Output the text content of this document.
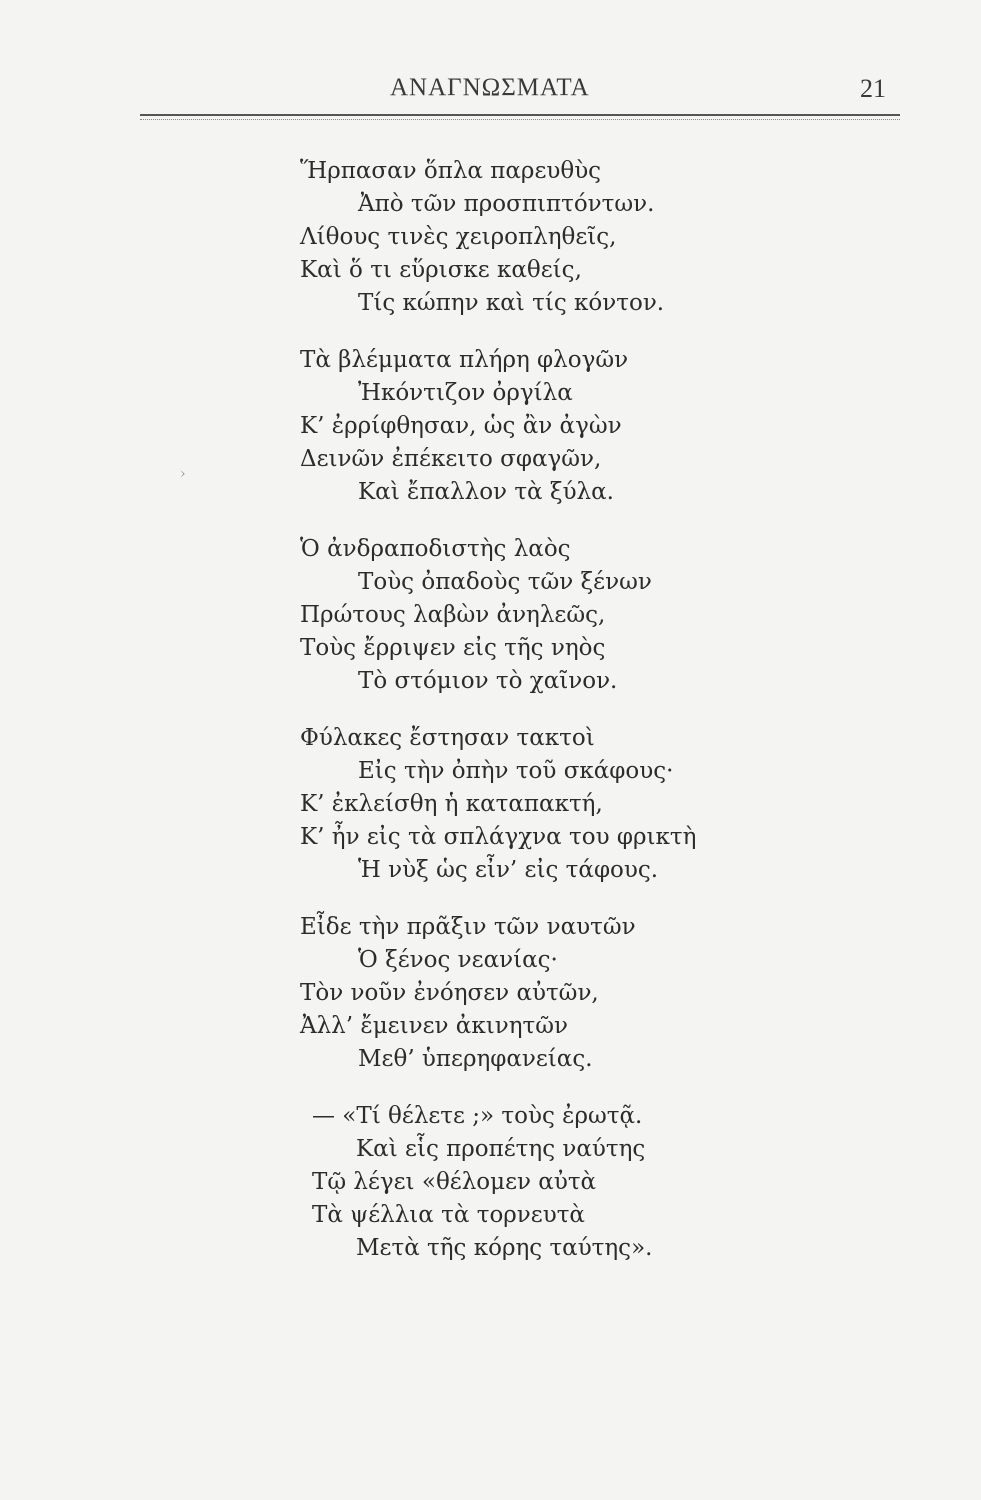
ΑΝΑΓΝΩΣΜΑΤΑ	21
›
Ἥρπασαν ὅπλα παρευθὺς
Ἀπὸ τῶν προσπιπτόντων.
Λίθους τινὲς χειροπληθεῖς,
Καὶ ὅ τι εὕρισκε καθείς,
Τίς κώπην καὶ τίς κόντον.
Τὰ βλέμματα πλήρη φλογῶν
Ἠκόντιζον ὀργίλα
Κ’ ἐρρίφθησαν, ὡς ἂν ἀγὼν
Δεινῶν ἐπέκειτο σφαγῶν,
Καὶ ἔπαλλον τὰ ξύλα.
Ὁ ἀνδραποδιστὴς λαὸς
Τοὺς ὀπαδοὺς τῶν ξένων
Πρώτους λαβὼν ἀνηλεῶς,
Τοὺς ἔρριψεν εἰς τῆς νηὸς
Τὸ στόμιον τὸ χαῖνον.
Φύλακες ἔστησαν τακτοὶ
Εἰς τὴν ὀπὴν τοῦ σκάφους·
Κ’ ἐκλείσθη ἡ καταπακτή,
Κ’ ἦν εἰς τὰ σπλάγχνα του φρικτὴ
Ἡ νὺξ ὡς εἶν’ εἰς τάφους.
Εἶδε τὴν πρᾶξιν τῶν ναυτῶν
Ὁ ξένος νεανίας·
Τὸν νοῦν ἐνόησεν αὐτῶν,
Ἀλλ’ ἔμεινεν ἀκινητῶν
Μεθ’ ὑπερηφανείας.
— «Τί θέλετε ;» τοὺς ἐρωτᾷ.
Καὶ εἷς προπέτης ναύτης
Τῷ λέγει «θέλομεν αὐτὰ
Τὰ ψέλλια τὰ τορνευτὰ
Μετὰ τῆς κόρης ταύτης».
